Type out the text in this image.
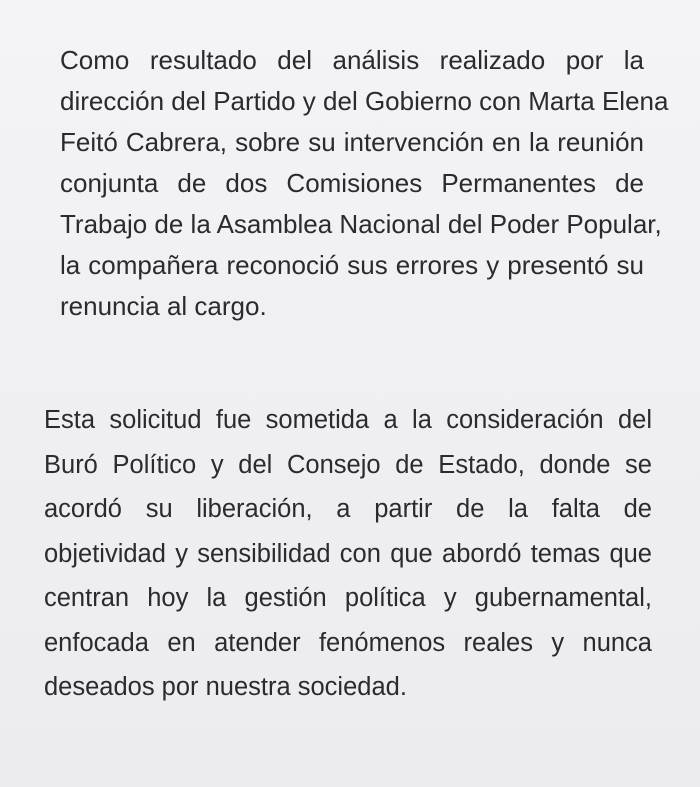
Como resultado del análisis realizado por la
dirección del Partido y del Gobierno con Marta Elena
Feitó Cabrera, sobre su intervención en la reunión
conjunta de dos Comisiones Permanentes de
Trabajo de la Asamblea Nacional del Poder Popular,
la compañera reconoció sus errores y presentó su
renuncia al cargo.
Esta solicitud fue sometida a la consideración del
Buró Político y del Consejo de Estado, donde se
acordó su liberación, a partir de la falta de
objetividad y sensibilidad con que abordó temas que
centran hoy la gestión política y gubernamental,
enfocada en atender fenómenos reales y nunca
deseados por nuestra sociedad.
